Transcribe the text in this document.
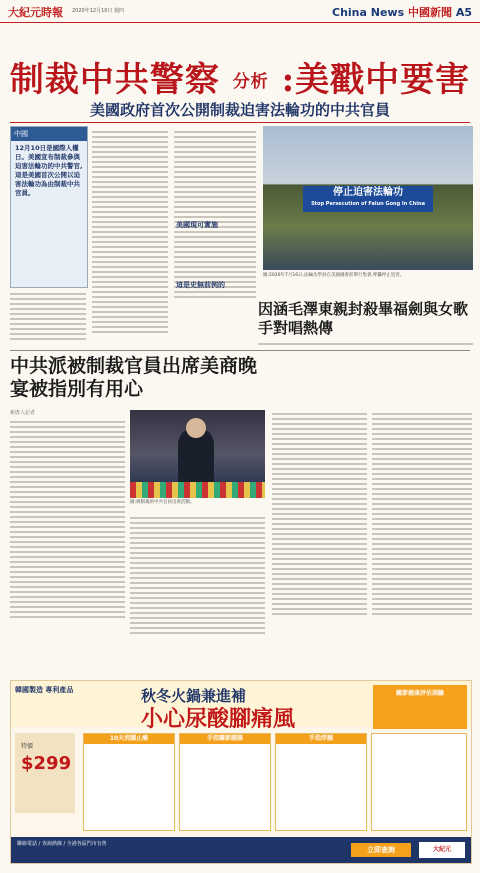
大紀元時報 2020年12月10日 週四	China News 中國新聞 A5
制裁中共警察 分析 :美戳中要害
美國政府首次公開制裁迫害法輪功的中共官員
中國
12月10日是國際人權日。美國宣布制裁參與迫害法輪功的中共警官,這是美國首次公開以迫害法輪功為由制裁中共官員。
美國現可實施
這是史無前例的
停止迫害法輪功
Stop Persecution of Falun Gong In China
圖:2020年7月16日,法輪功學員在美國國會前舉行集會,呼籲停止迫害。
因涵毛澤東親封殺畢福劍與女歌手對唱熱傳
中共派被制裁官員出席美商晚宴被指別有用心
新唐人記者
圖:被制裁的中共官員出席活動。
韓國製造 專利產品	秋冬火鍋兼進補
小心尿酸腳痛風
關節健康評估測驗
特價
$299
10天消腫止痛	手指關節腫脹	手指浮腫
聯絡電話 / 查詢熱線 / 全港各區門市有售
立即查詢	大紀元
